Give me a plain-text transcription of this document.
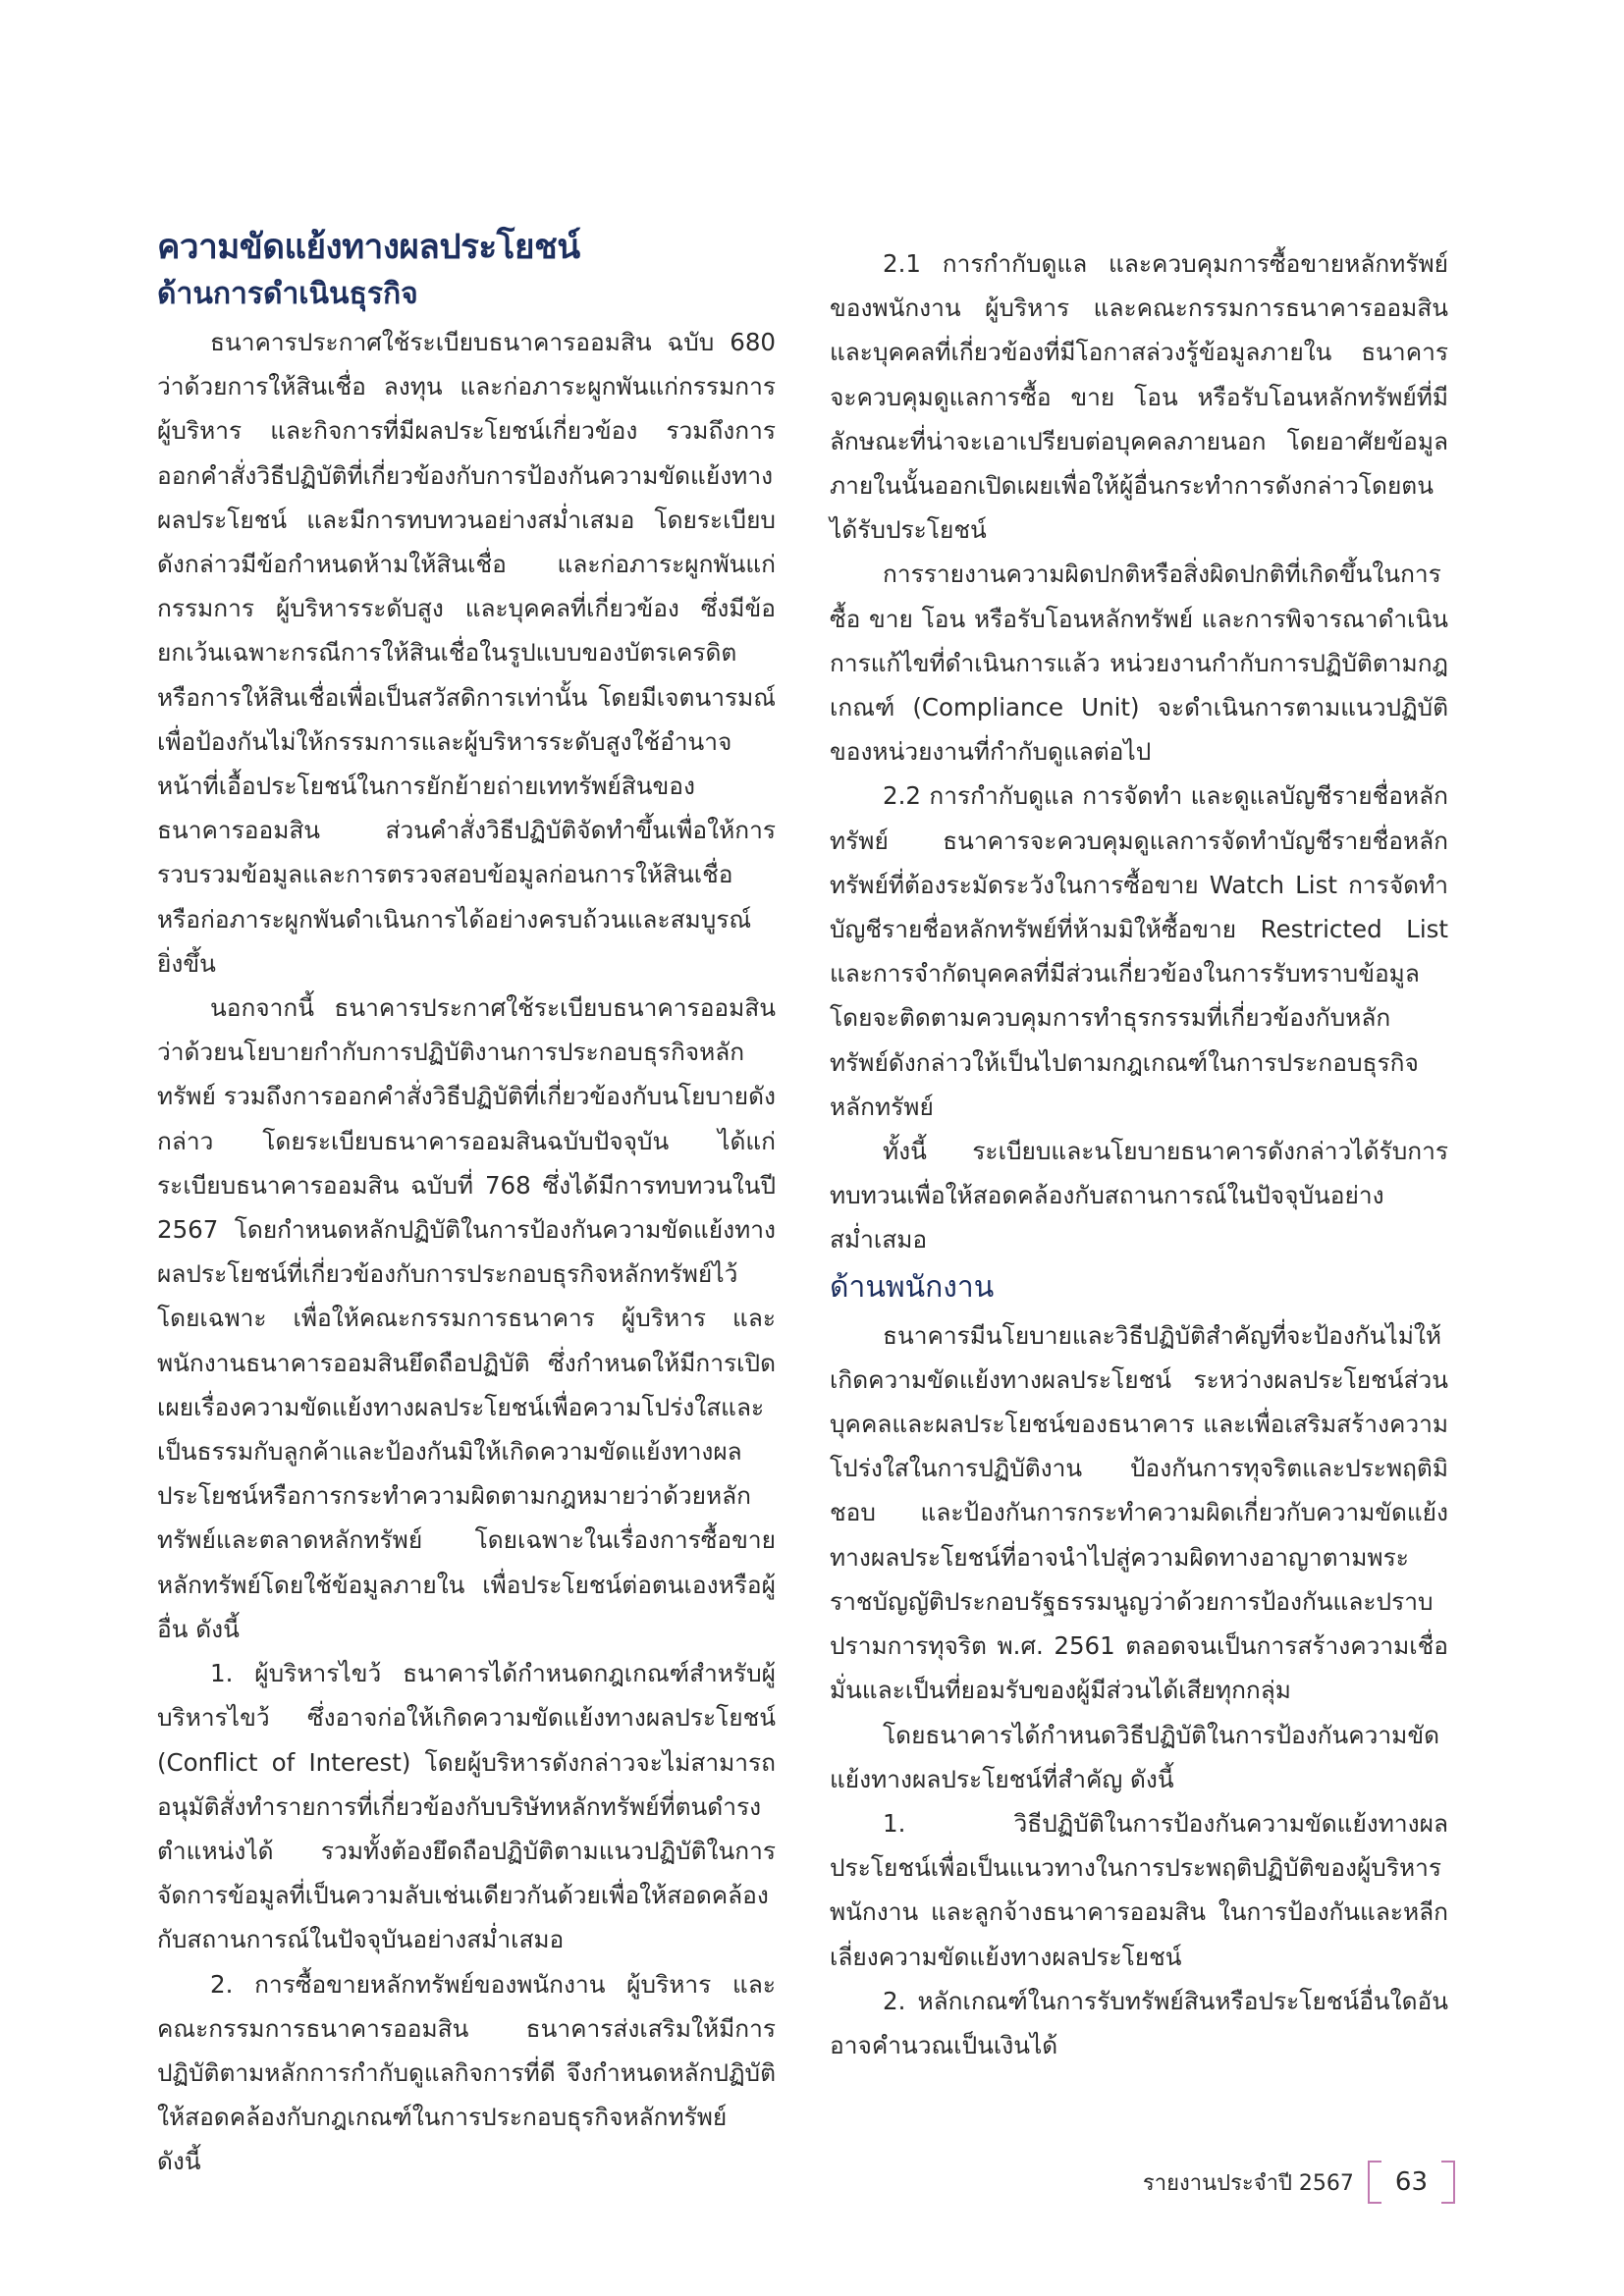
ความขัดแย้งทางผลประโยชน์
ด้านการดำเนินธุรกิจ

ธนาคารประกาศใช้ระเบียบธนาคารออมสิน ฉบับ 680 ว่าด้วยการให้สินเชื่อ ลงทุน และก่อภาระผูกพันแก่กรรมการ ผู้บริหาร และกิจการที่มีผลประโยชน์เกี่ยวข้อง รวมถึงการออกคำสั่งวิธีปฏิบัติที่เกี่ยวข้องกับการป้องกันความขัดแย้งทางผลประโยชน์ และมีการทบทวนอย่างสม่ำเสมอ โดยระเบียบดังกล่าวมีข้อกำหนดห้ามให้สินเชื่อ และก่อภาระผูกพันแก่กรรมการ ผู้บริหารระดับสูง และบุคคลที่เกี่ยวข้อง ซึ่งมีข้อยกเว้นเฉพาะกรณีการให้สินเชื่อในรูปแบบของบัตรเครดิต หรือการให้สินเชื่อเพื่อเป็นสวัสดิการเท่านั้น โดยมีเจตนารมณ์เพื่อป้องกันไม่ให้กรรมการและผู้บริหารระดับสูงใช้อำนาจหน้าที่เอื้อประโยชน์ในการยักย้ายถ่ายเททรัพย์สินของธนาคารออมสิน ส่วนคำสั่งวิธีปฏิบัติจัดทำขึ้นเพื่อให้การรวบรวมข้อมูลและการตรวจสอบข้อมูลก่อนการให้สินเชื่อหรือก่อภาระผูกพันดำเนินการได้อย่างครบถ้วนและสมบูรณ์ยิ่งขึ้น

นอกจากนี้ ธนาคารประกาศใช้ระเบียบธนาคารออมสินว่าด้วยนโยบายกำกับการปฏิบัติงานการประกอบธุรกิจหลักทรัพย์ รวมถึงการออกคำสั่งวิธีปฏิบัติที่เกี่ยวข้องกับนโยบายดังกล่าว โดยระเบียบธนาคารออมสินฉบับปัจจุบัน ได้แก่ ระเบียบธนาคารออมสิน ฉบับที่ 768 ซึ่งได้มีการทบทวนในปี 2567 โดยกำหนดหลักปฏิบัติในการป้องกันความขัดแย้งทางผลประโยชน์ที่เกี่ยวข้องกับการประกอบธุรกิจหลักทรัพย์ไว้โดยเฉพาะ เพื่อให้คณะกรรมการธนาคาร ผู้บริหาร และพนักงานธนาคารออมสินยึดถือปฏิบัติ ซึ่งกำหนดให้มีการเปิดเผยเรื่องความขัดแย้งทางผลประโยชน์เพื่อความโปร่งใสและเป็นธรรมกับลูกค้าและป้องกันมิให้เกิดความขัดแย้งทางผลประโยชน์หรือการกระทำความผิดตามกฎหมายว่าด้วยหลักทรัพย์และตลาดหลักทรัพย์ โดยเฉพาะในเรื่องการซื้อขายหลักทรัพย์โดยใช้ข้อมูลภายใน เพื่อประโยชน์ต่อตนเองหรือผู้อื่น ดังนี้

1. ผู้บริหารไขว้ ธนาคารได้กำหนดกฎเกณฑ์สำหรับผู้บริหารไขว้ ซึ่งอาจก่อให้เกิดความขัดแย้งทางผลประโยชน์ (Conflict of Interest) โดยผู้บริหารดังกล่าวจะไม่สามารถอนุมัติสั่งทำรายการที่เกี่ยวข้องกับบริษัทหลักทรัพย์ที่ตนดำรงตำแหน่งได้ รวมทั้งต้องยึดถือปฏิบัติตามแนวปฏิบัติในการจัดการข้อมูลที่เป็นความลับเช่นเดียวกันด้วยเพื่อให้สอดคล้องกับสถานการณ์ในปัจจุบันอย่างสม่ำเสมอ

2. การซื้อขายหลักทรัพย์ของพนักงาน ผู้บริหาร และคณะกรรมการธนาคารออมสิน ธนาคารส่งเสริมให้มีการปฏิบัติตามหลักการกำกับดูแลกิจการที่ดี จึงกำหนดหลักปฏิบัติให้สอดคล้องกับกฎเกณฑ์ในการประกอบธุรกิจหลักทรัพย์ ดังนี้

2.1 การกำกับดูแล และควบคุมการซื้อขายหลักทรัพย์ของพนักงาน ผู้บริหาร และคณะกรรมการธนาคารออมสิน และบุคคลที่เกี่ยวข้องที่มีโอกาสล่วงรู้ข้อมูลภายใน ธนาคารจะควบคุมดูแลการซื้อ ขาย โอน หรือรับโอนหลักทรัพย์ที่มีลักษณะที่น่าจะเอาเปรียบต่อบุคคลภายนอก โดยอาศัยข้อมูลภายในนั้นออกเปิดเผยเพื่อให้ผู้อื่นกระทำการดังกล่าวโดยตนได้รับประโยชน์

การรายงานความผิดปกติหรือสิ่งผิดปกติที่เกิดขึ้นในการซื้อ ขาย โอน หรือรับโอนหลักทรัพย์ และการพิจารณาดำเนินการแก้ไขที่ดำเนินการแล้ว หน่วยงานกำกับการปฏิบัติตามกฎเกณฑ์ (Compliance Unit) จะดำเนินการตามแนวปฏิบัติของหน่วยงานที่กำกับดูแลต่อไป

2.2 การกำกับดูแล การจัดทำ และดูแลบัญชีรายชื่อหลักทรัพย์ ธนาคารจะควบคุมดูแลการจัดทำบัญชีรายชื่อหลักทรัพย์ที่ต้องระมัดระวังในการซื้อขาย Watch List การจัดทำบัญชีรายชื่อหลักทรัพย์ที่ห้ามมิให้ซื้อขาย Restricted List และการจำกัดบุคคลที่มีส่วนเกี่ยวข้องในการรับทราบข้อมูลโดยจะติดตามควบคุมการทำธุรกรรมที่เกี่ยวข้องกับหลักทรัพย์ดังกล่าวให้เป็นไปตามกฎเกณฑ์ในการประกอบธุรกิจหลักทรัพย์

ทั้งนี้ ระเบียบและนโยบายธนาคารดังกล่าวได้รับการทบทวนเพื่อให้สอดคล้องกับสถานการณ์ในปัจจุบันอย่างสม่ำเสมอ

ด้านพนักงาน

ธนาคารมีนโยบายและวิธีปฏิบัติสำคัญที่จะป้องกันไม่ให้เกิดความขัดแย้งทางผลประโยชน์ ระหว่างผลประโยชน์ส่วนบุคคลและผลประโยชน์ของธนาคาร และเพื่อเสริมสร้างความโปร่งใสในการปฏิบัติงาน ป้องกันการทุจริตและประพฤติมิชอบ และป้องกันการกระทำความผิดเกี่ยวกับความขัดแย้งทางผลประโยชน์ที่อาจนำไปสู่ความผิดทางอาญาตามพระราชบัญญัติประกอบรัฐธรรมนูญว่าด้วยการป้องกันและปราบปรามการทุจริต พ.ศ. 2561 ตลอดจนเป็นการสร้างความเชื่อมั่นและเป็นที่ยอมรับของผู้มีส่วนได้เสียทุกกลุ่ม

โดยธนาคารได้กำหนดวิธีปฏิบัติในการป้องกันความขัดแย้งทางผลประโยชน์ที่สำคัญ ดังนี้

1. วิธีปฏิบัติในการป้องกันความขัดแย้งทางผลประโยชน์เพื่อเป็นแนวทางในการประพฤติปฏิบัติของผู้บริหาร พนักงาน และลูกจ้างธนาคารออมสิน ในการป้องกันและหลีกเลี่ยงความขัดแย้งทางผลประโยชน์

2. หลักเกณฑ์ในการรับทรัพย์สินหรือประโยชน์อื่นใดอันอาจคำนวณเป็นเงินได้

รายงานประจำปี 2567 63
